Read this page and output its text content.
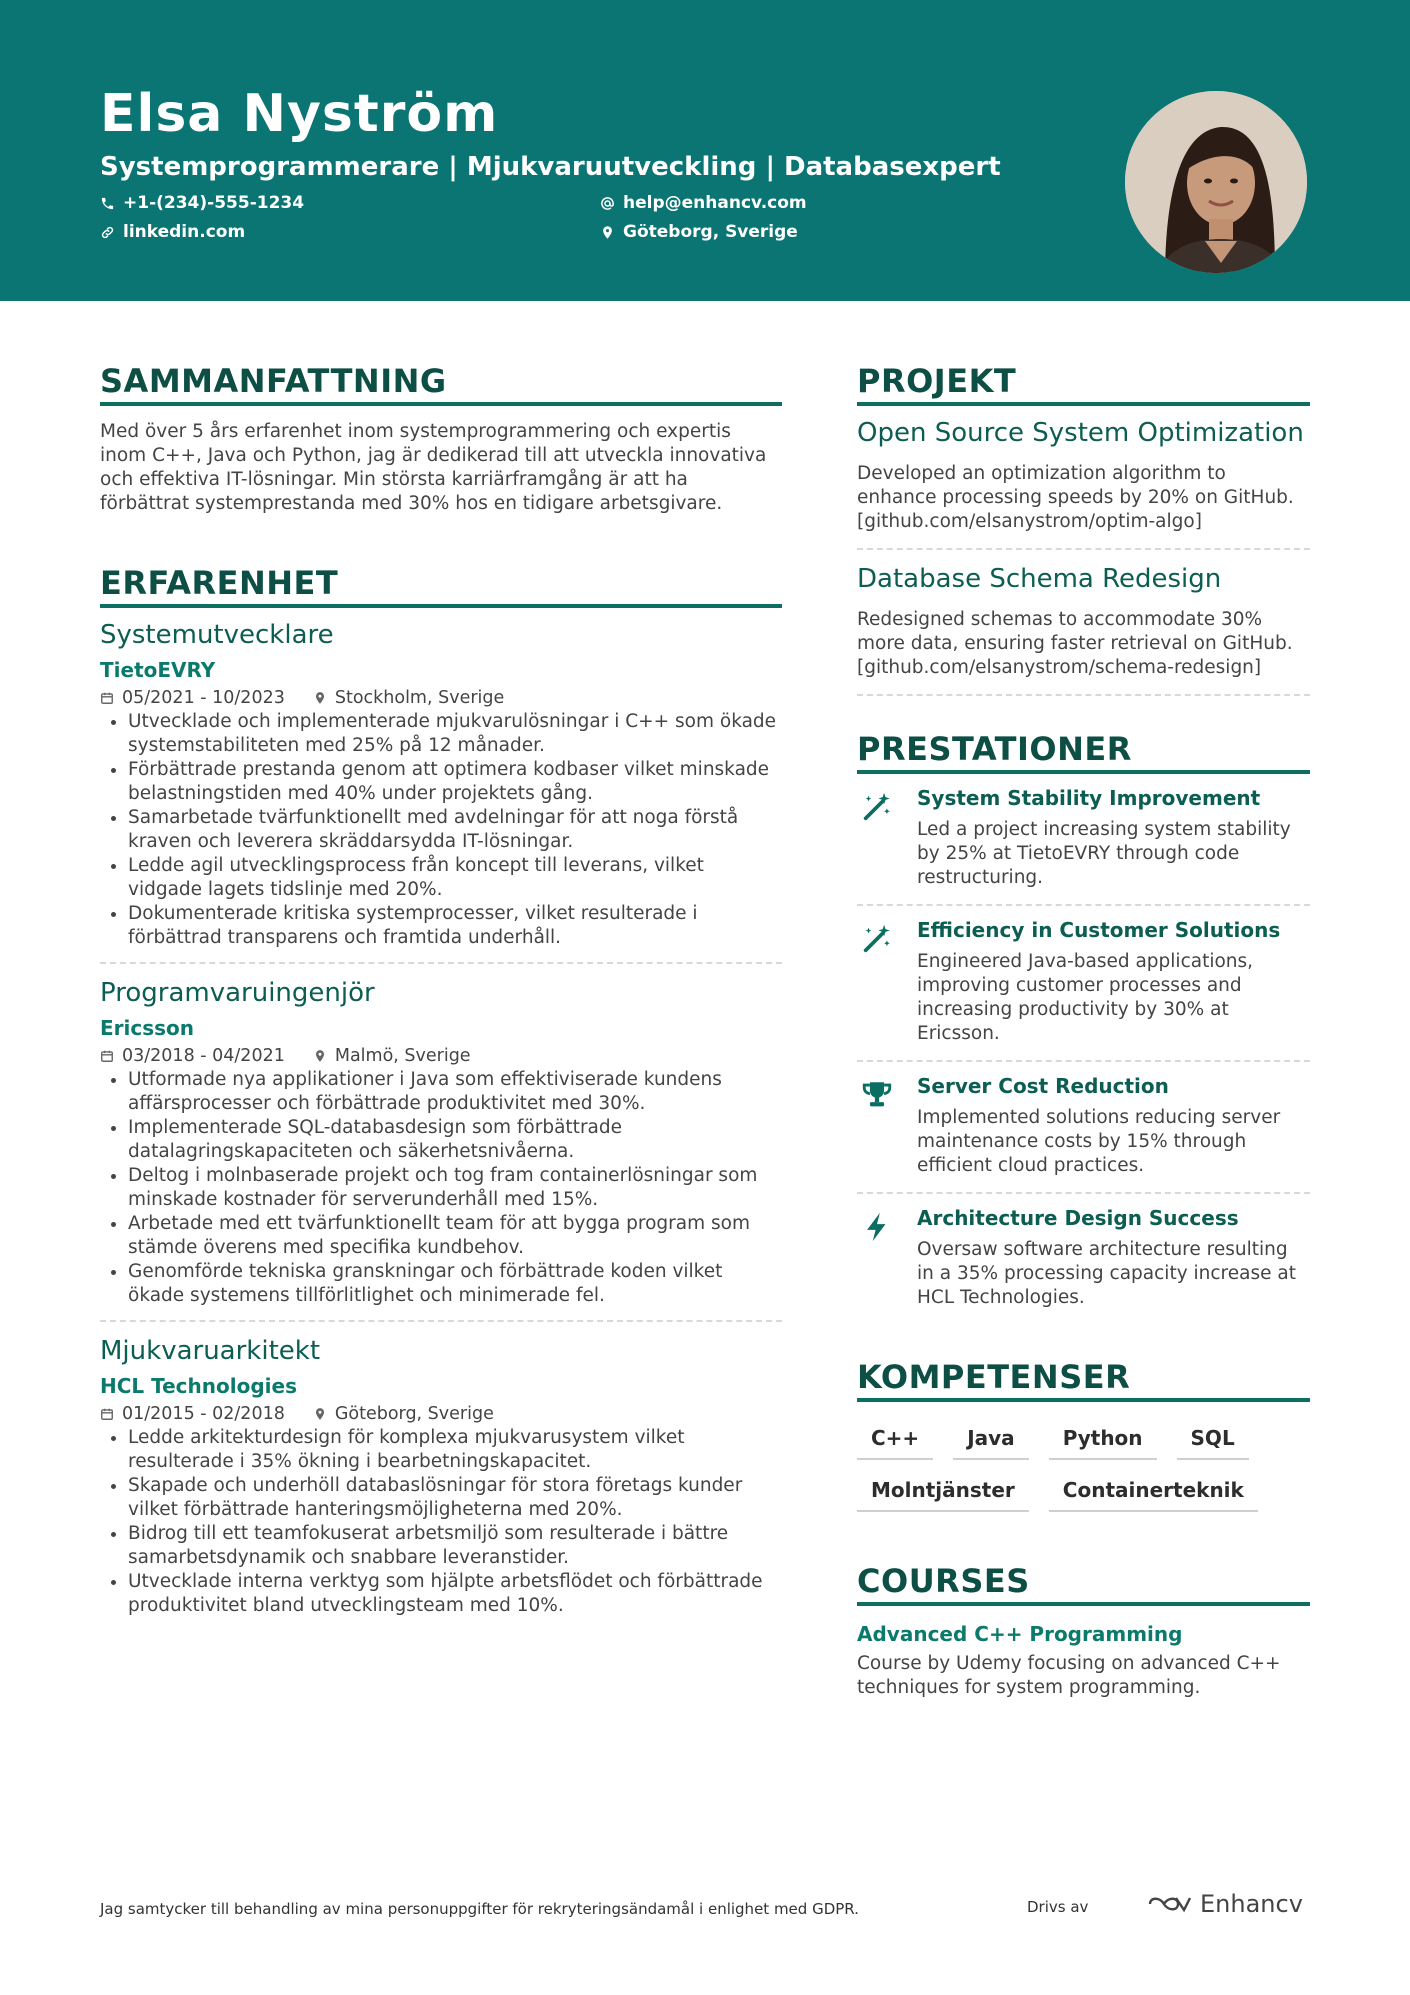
Elsa Nyström
Systemprogrammerare | Mjukvaruutveckling | Databasexpert
+1-(234)-555-1234	help@enhancv.com
linkedin.com	Göteborg, Sverige
SAMMANFATTNING
Med över 5 års erfarenhet inom systemprogrammering och expertis inom C++, Java och Python, jag är dedikerad till att utveckla innovativa och effektiva IT-lösningar. Min största karriärframgång är att ha förbättrat systemprestanda med 30% hos en tidigare arbetsgivare.
ERFARENHET
Systemutvecklare
TietoEVRY
05/2021 - 10/2023	Stockholm, Sverige
• Utvecklade och implementerade mjukvarulösningar i C++ som ökade systemstabiliteten med 25% på 12 månader.
• Förbättrade prestanda genom att optimera kodbaser vilket minskade belastningstiden med 40% under projektets gång.
• Samarbetade tvärfunktionellt med avdelningar för att noga förstå kraven och leverera skräddarsydda IT-lösningar.
• Ledde agil utvecklingsprocess från koncept till leverans, vilket vidgade lagets tidslinje med 20%.
• Dokumenterade kritiska systemprocesser, vilket resulterade i förbättrad transparens och framtida underhåll.
Programvaruingenjör
Ericsson
03/2018 - 04/2021	Malmö, Sverige
• Utformade nya applikationer i Java som effektiviserade kundens affärsprocesser och förbättrade produktivitet med 30%.
• Implementerade SQL-databasdesign som förbättrade datalagringskapaciteten och säkerhetsnivåerna.
• Deltog i molnbaserade projekt och tog fram containerlösningar som minskade kostnader för serverunderhåll med 15%.
• Arbetade med ett tvärfunktionellt team för att bygga program som stämde överens med specifika kundbehov.
• Genomförde tekniska granskningar och förbättrade koden vilket ökade systemens tillförlitlighet och minimerade fel.
Mjukvaruarkitekt
HCL Technologies
01/2015 - 02/2018	Göteborg, Sverige
• Ledde arkitekturdesign för komplexa mjukvarusystem vilket resulterade i 35% ökning i bearbetningskapacitet.
• Skapade och underhöll databaslösningar för stora företags kunder vilket förbättrade hanteringsmöjligheterna med 20%.
• Bidrog till ett teamfokuserat arbetsmiljö som resulterade i bättre samarbetsdynamik och snabbare leveranstider.
• Utvecklade interna verktyg som hjälpte arbetsflödet och förbättrade produktivitet bland utvecklingsteam med 10%.
PROJEKT
Open Source System Optimization
Developed an optimization algorithm to enhance processing speeds by 20% on GitHub. [github.com/elsanystrom/optim-algo]
Database Schema Redesign
Redesigned schemas to accommodate 30% more data, ensuring faster retrieval on GitHub. [github.com/elsanystrom/schema-redesign]
PRESTATIONER
System Stability Improvement
Led a project increasing system stability by 25% at TietoEVRY through code restructuring.
Efficiency in Customer Solutions
Engineered Java-based applications, improving customer processes and increasing productivity by 30% at Ericsson.
Server Cost Reduction
Implemented solutions reducing server maintenance costs by 15% through efficient cloud practices.
Architecture Design Success
Oversaw software architecture resulting in a 35% processing capacity increase at HCL Technologies.
KOMPETENSER
C++	Java	Python	SQL
Molntjänster	Containerteknik
COURSES
Advanced C++ Programming
Course by Udemy focusing on advanced C++ techniques for system programming.
Jag samtycker till behandling av mina personuppgifter för rekryteringsändamål i enlighet med GDPR.	Drivs av	Enhancv
